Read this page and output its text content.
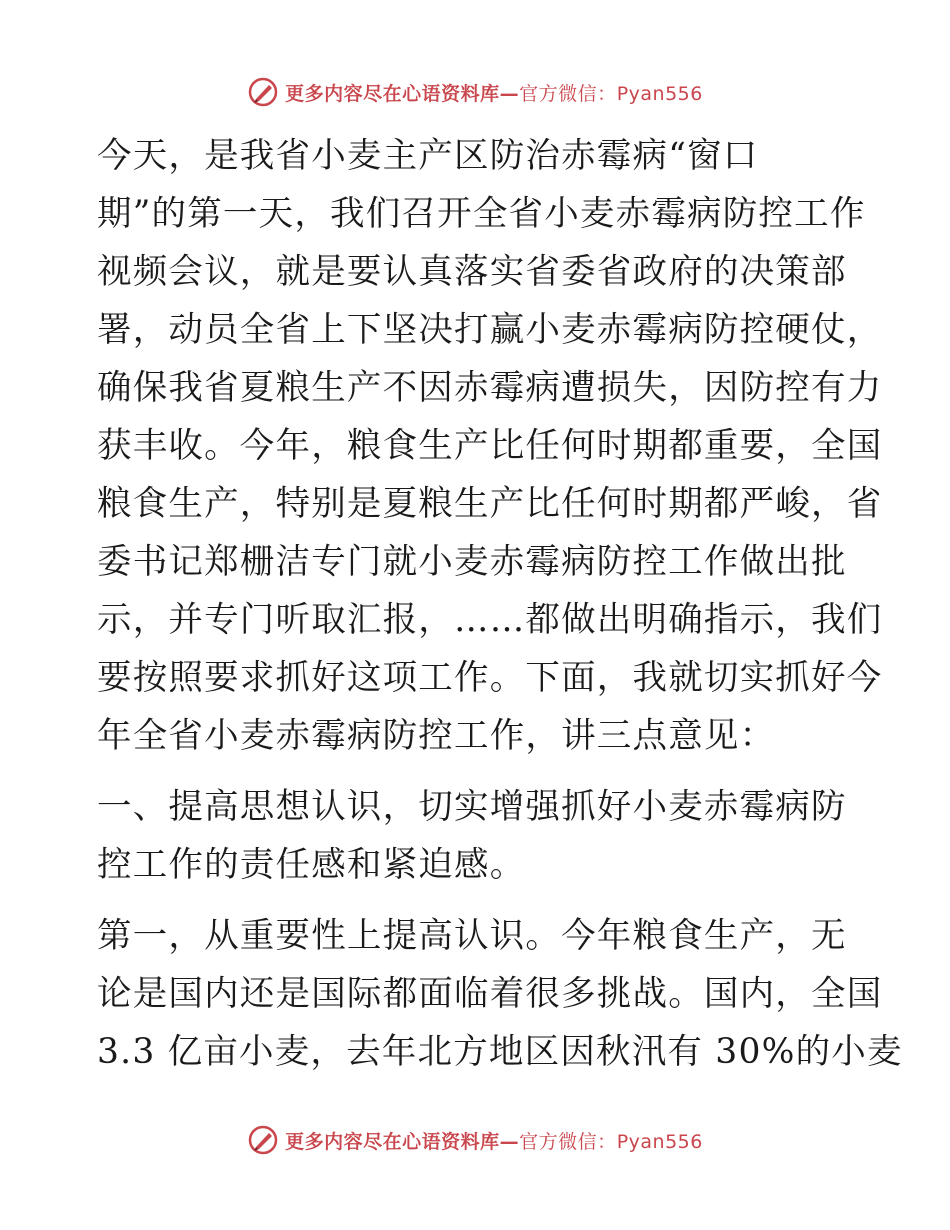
更多内容尽在心语资料库—官方微信：Pyan556
今天，是我省小麦主产区防治赤霉病“窗口
期”的第一天，我们召开全省小麦赤霉病防控工作
视频会议，就是要认真落实省委省政府的决策部
署，动员全省上下坚决打赢小麦赤霉病防控硬仗，
确保我省夏粮生产不因赤霉病遭损失，因防控有力
获丰收。今年，粮食生产比任何时期都重要，全国
粮食生产，特别是夏粮生产比任何时期都严峻，省
委书记郑栅洁专门就小麦赤霉病防控工作做出批
示，并专门听取汇报，……都做出明确指示，我们
要按照要求抓好这项工作。下面，我就切实抓好今
年全省小麦赤霉病防控工作，讲三点意见：
一、提高思想认识，切实增强抓好小麦赤霉病防
控工作的责任感和紧迫感。
第一，从重要性上提高认识。今年粮食生产，无
论是国内还是国际都面临着很多挑战。国内，全国
3.3 亿亩小麦，去年北方地区因秋汛有 30%的小麦
更多内容尽在心语资料库—官方微信：Pyan556
